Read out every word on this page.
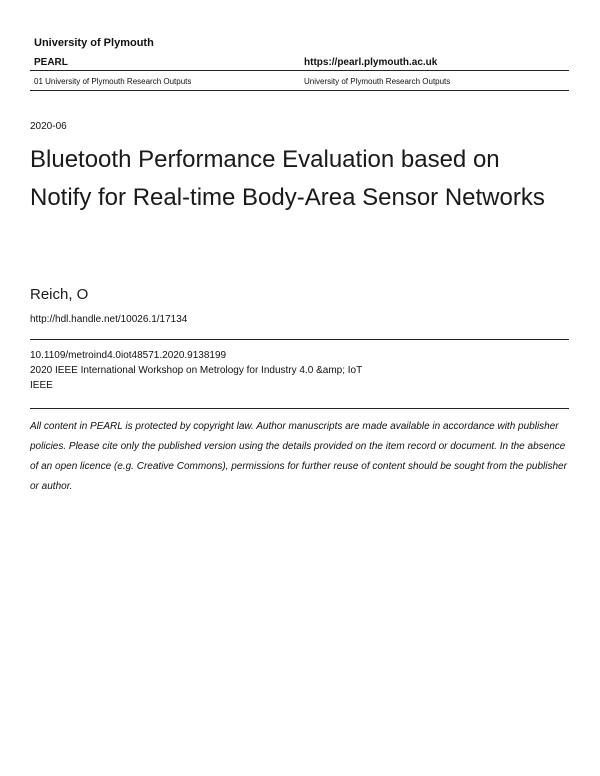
University of Plymouth
PEARL	https://pearl.plymouth.ac.uk
01 University of Plymouth Research Outputs	University of Plymouth Research Outputs
2020-06
Bluetooth Performance Evaluation based on Notify for Real-time Body-Area Sensor Networks
Reich, O
http://hdl.handle.net/10026.1/17134
10.1109/metroind4.0iot48571.2020.9138199
2020 IEEE International Workshop on Metrology for Industry 4.0 &amp; IoT
IEEE
All content in PEARL is protected by copyright law. Author manuscripts are made available in accordance with publisher policies. Please cite only the published version using the details provided on the item record or document. In the absence of an open licence (e.g. Creative Commons), permissions for further reuse of content should be sought from the publisher or author.
